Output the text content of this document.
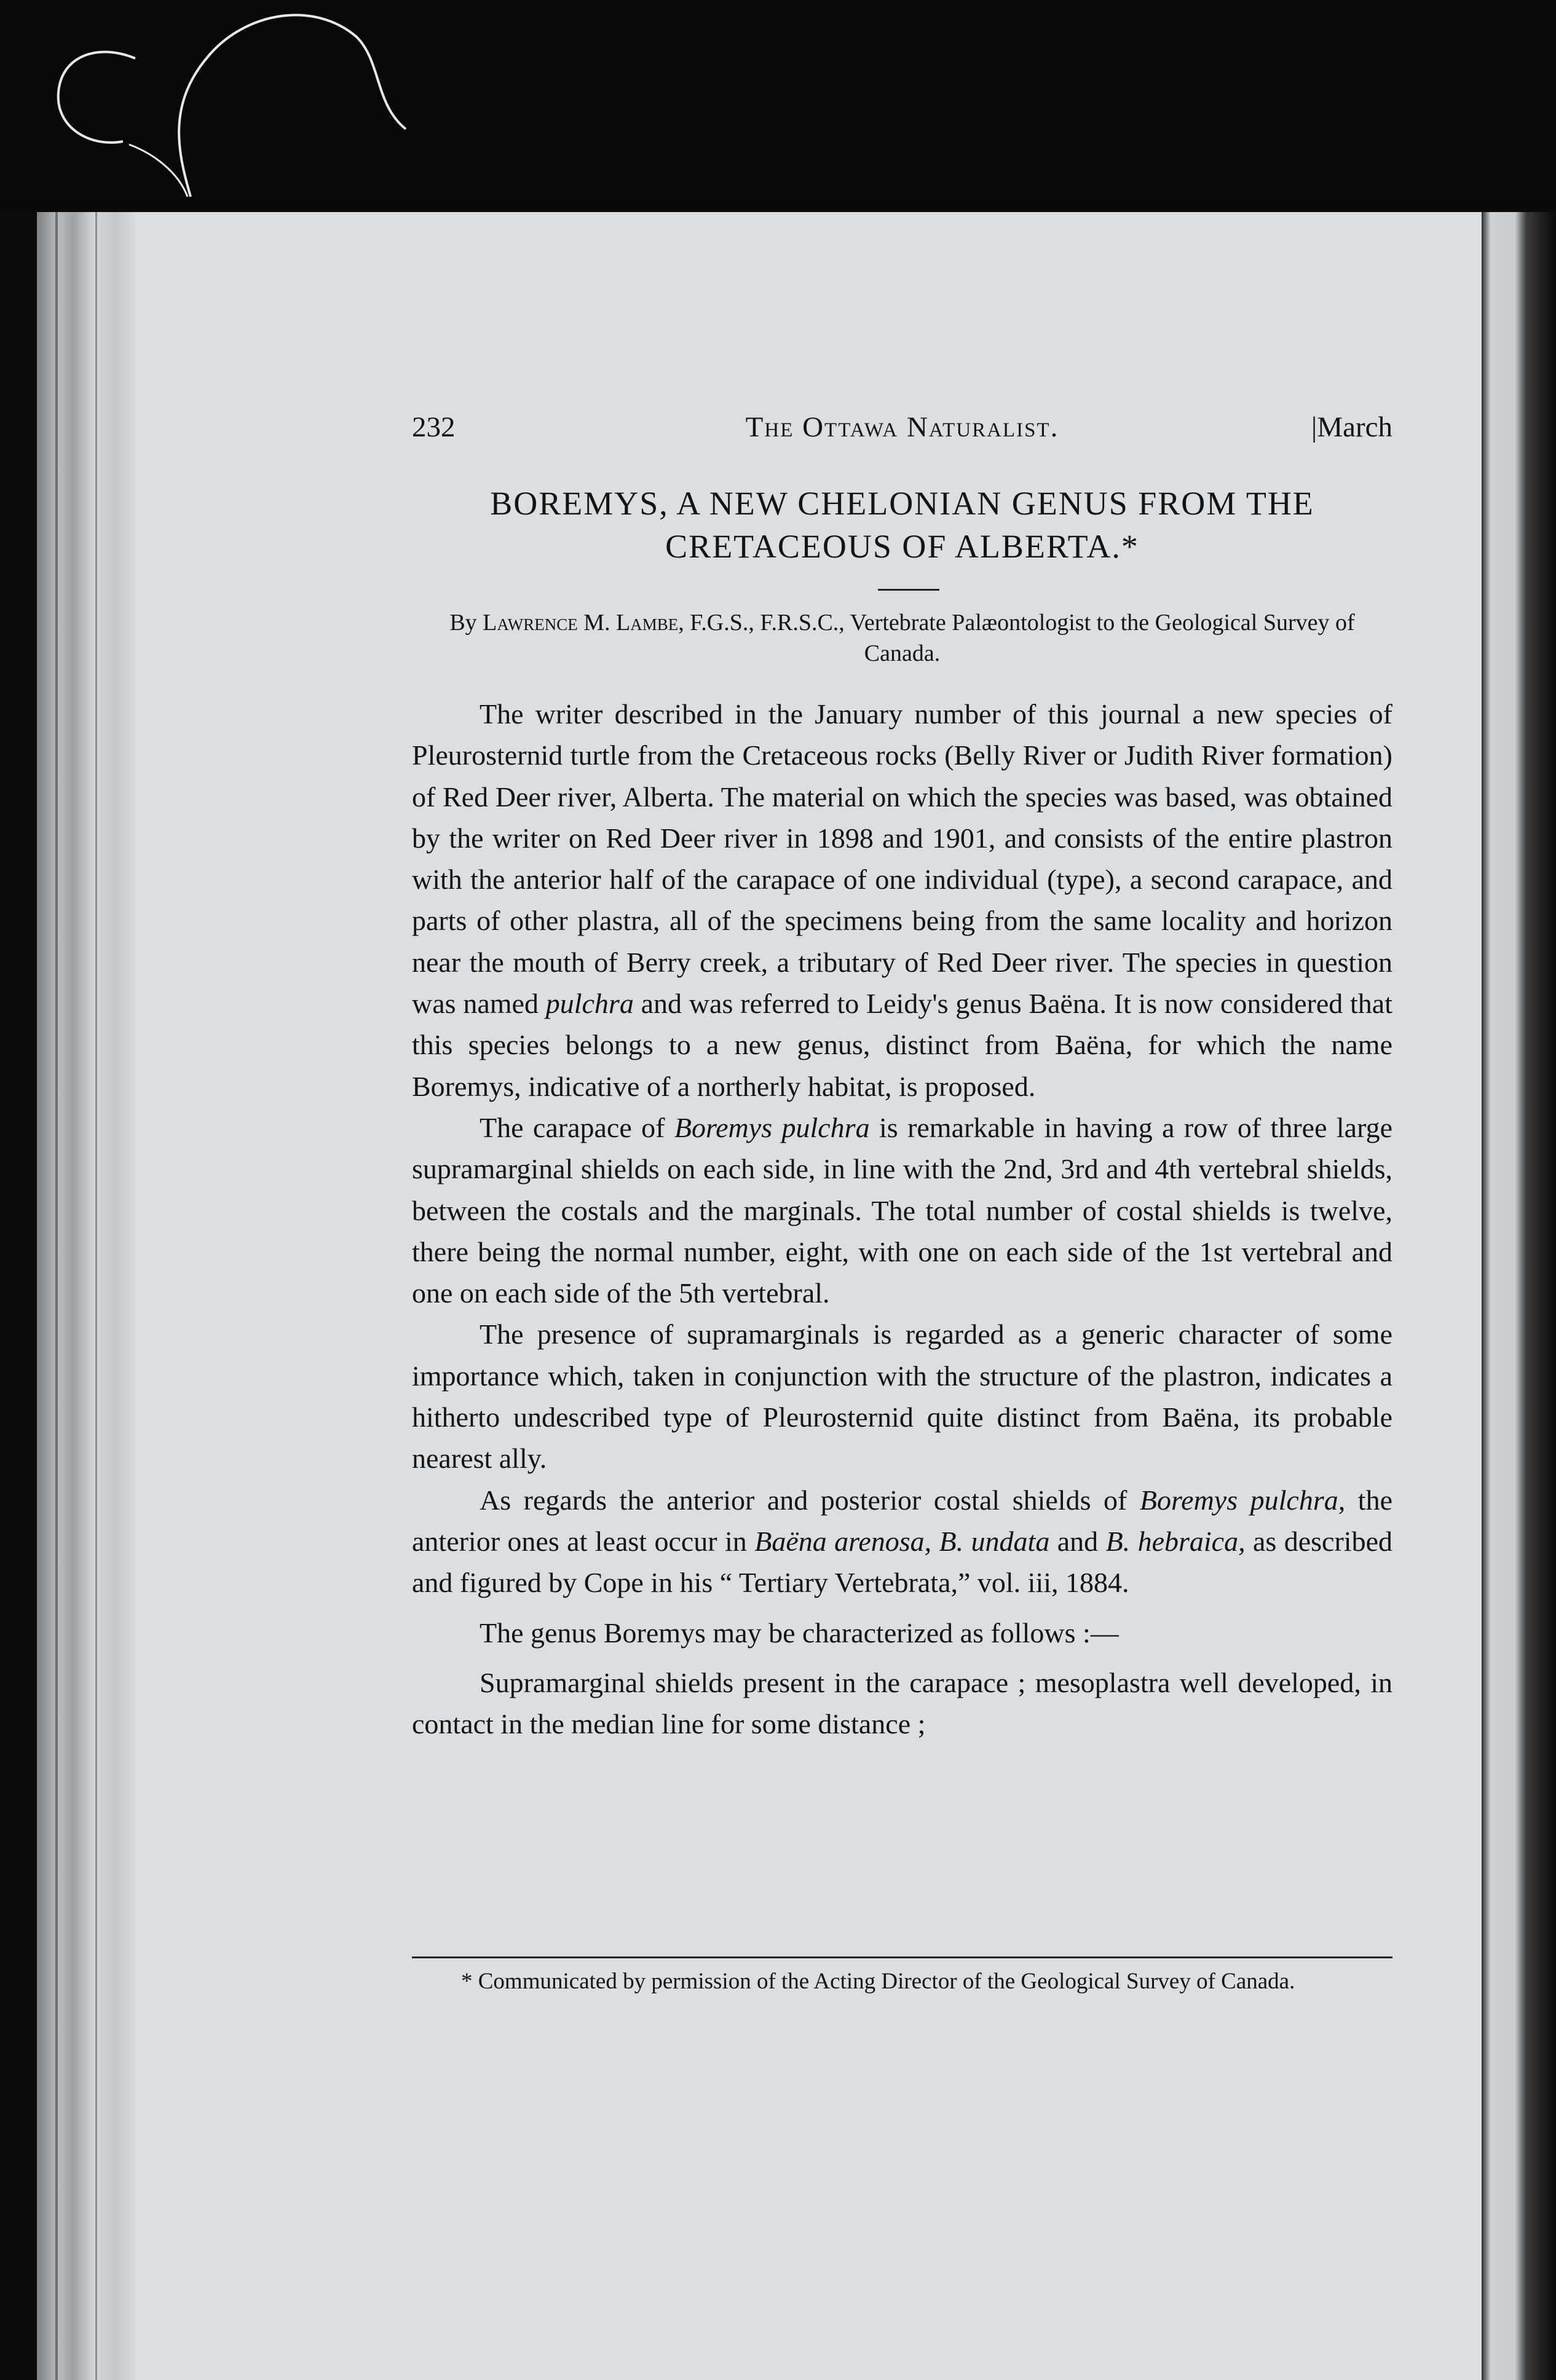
232	The Ottawa Naturalist.	|March
BOREMYS, A NEW CHELONIAN GENUS FROM THE
CRETACEOUS OF ALBERTA.*
By Lawrence M. Lambe, F.G.S., F.R.S.C., Vertebrate Palæontologist to the Geological Survey of Canada.

The writer described in the January number of this journal a new species of Pleurosternid turtle from the Cretaceous rocks (Belly River or Judith River formation) of Red Deer river, Alberta. The material on which the species was based, was obtained by the writer on Red Deer river in 1898 and 1901, and consists of the entire plastron with the anterior half of the carapace of one individual (type), a second carapace, and parts of other plastra, all of the specimens being from the same locality and horizon near the mouth of Berry creek, a tributary of Red Deer river. The species in question was named pulchra and was referred to Leidy's genus Baëna. It is now considered that this species belongs to a new genus, distinct from Baëna, for which the name Boremys, indicative of a northerly habitat, is proposed.

The carapace of Boremys pulchra is remarkable in having a row of three large supramarginal shields on each side, in line with the 2nd, 3rd and 4th vertebral shields, between the costals and the marginals. The total number of costal shields is twelve, there being the normal number, eight, with one on each side of the 1st vertebral and one on each side of the 5th vertebral.

The presence of supramarginals is regarded as a generic character of some importance which, taken in conjunction with the structure of the plastron, indicates a hitherto undescribed type of Pleurosternid quite distinct from Baëna, its probable nearest ally.

As regards the anterior and posterior costal shields of Boremys pulchra, the anterior ones at least occur in Baëna arenosa, B. undata and B. hebraica, as described and figured by Cope in his “ Tertiary Vertebrata,” vol. iii, 1884.

The genus Boremys may be characterized as follows :—

Supramarginal shields present in the carapace ; mesoplastra well developed, in contact in the median line for some distance ;

* Communicated by permission of the Acting Director of the Geological Survey of Canada.
